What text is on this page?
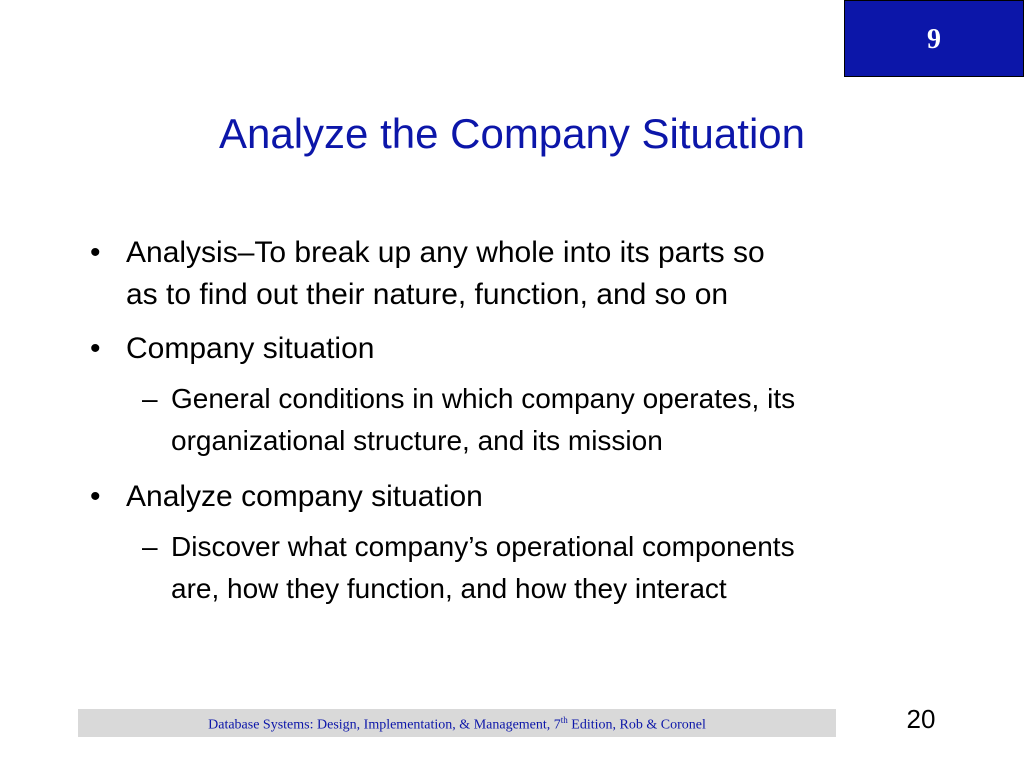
9
Analyze the Company Situation
• Analysis–To break up any whole into its parts so
as to find out their nature, function, and so on
• Company situation
– General conditions in which company operates, its
organizational structure, and its mission
• Analyze company situation
– Discover what company’s operational components
are, how they function, and how they interact
Database Systems: Design, Implementation, & Management, 7th Edition, Rob & Coronel	20
